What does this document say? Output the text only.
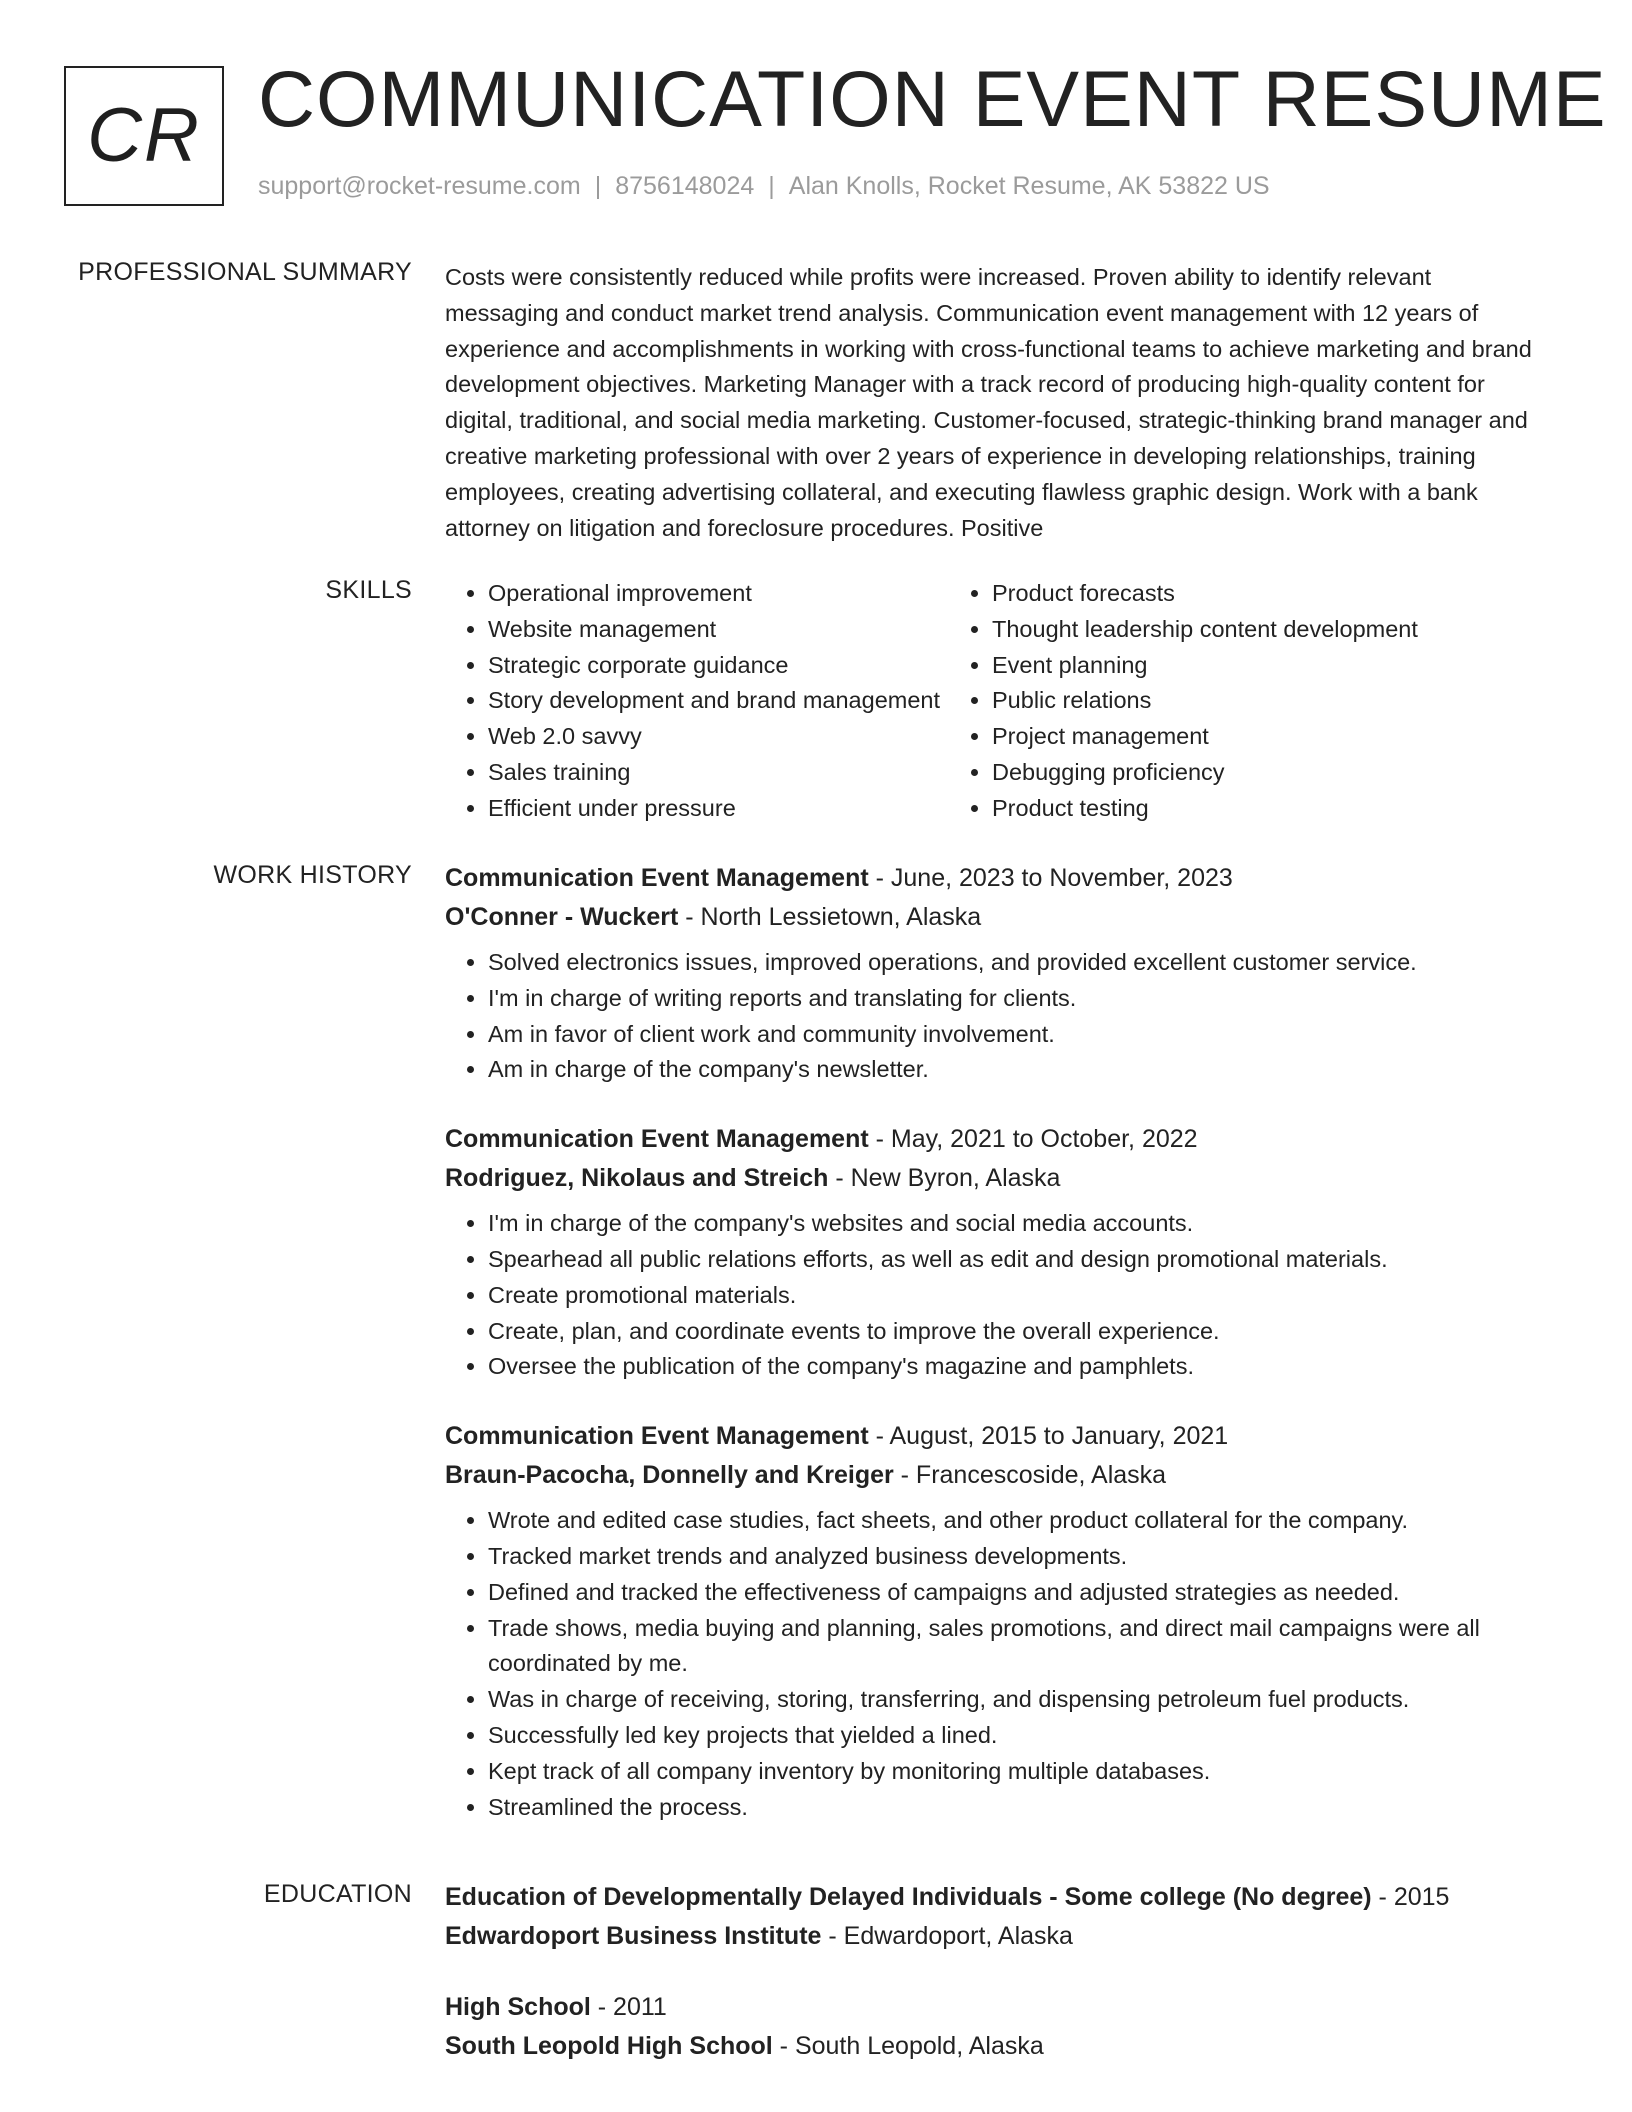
CR COMMUNICATION EVENT RESUME
support@rocket-resume.com | 8756148024 | Alan Knolls, Rocket Resume, AK 53822 US
PROFESSIONAL SUMMARY Costs were consistently reduced while profits were increased. Proven ability to identify relevant messaging and conduct market trend analysis. Communication event management with 12 years of experience and accomplishments in working with cross-functional teams to achieve marketing and brand development objectives. Marketing Manager with a track record of producing high-quality content for digital, traditional, and social media marketing. Customer-focused, strategic-thinking brand manager and creative marketing professional with over 2 years of experience in developing relationships, training employees, creating advertising collateral, and executing flawless graphic design. Work with a bank attorney on litigation and foreclosure procedures. Positive

SKILLS
•	Operational improvement
• Website management
• Strategic corporate guidance
• Story development and brand management
• Web 2.0 savvy
• Sales training
• Efficient under pressure
• Product forecasts
• Thought leadership content development
• Event planning
• Public relations
• Project management
• Debugging proficiency
• Product testing
WORK HISTORY Communication Event Management - June, 2023 to November, 2023
O'Conner - Wuckert - North Lessietown, Alaska
• Solved electronics issues, improved operations, and provided excellent customer service.
• I'm in charge of writing reports and translating for clients.
• Am in favor of client work and community involvement.
• Am in charge of the company's newsletter.
Communication Event Management - May, 2021 to October, 2022
Rodriguez, Nikolaus and Streich - New Byron, Alaska
• I'm in charge of the company's websites and social media accounts.
• Spearhead all public relations efforts, as well as edit and design promotional materials.
• Create promotional materials.
• Create, plan, and coordinate events to improve the overall experience.
• Oversee the publication of the company's magazine and pamphlets.
Communication Event Management - August, 2015 to January, 2021
Braun-Pacocha, Donnelly and Kreiger - Francescoside, Alaska
• Wrote and edited case studies, fact sheets, and other product collateral for the company.
• Tracked market trends and analyzed business developments.
• Defined and tracked the effectiveness of campaigns and adjusted strategies as needed.
• Trade shows, media buying and planning, sales promotions, and direct mail campaigns were all coordinated by me.
• Was in charge of receiving, storing, transferring, and dispensing petroleum fuel products.
• Successfully led key projects that yielded a lined.
• Kept track of all company inventory by monitoring multiple databases.
• Streamlined the process.
EDUCATION Education of Developmentally Delayed Individuals - Some college (No degree) - 2015
Edwardoport Business Institute - Edwardoport, Alaska
High School - 2011
South Leopold High School - South Leopold, Alaska
